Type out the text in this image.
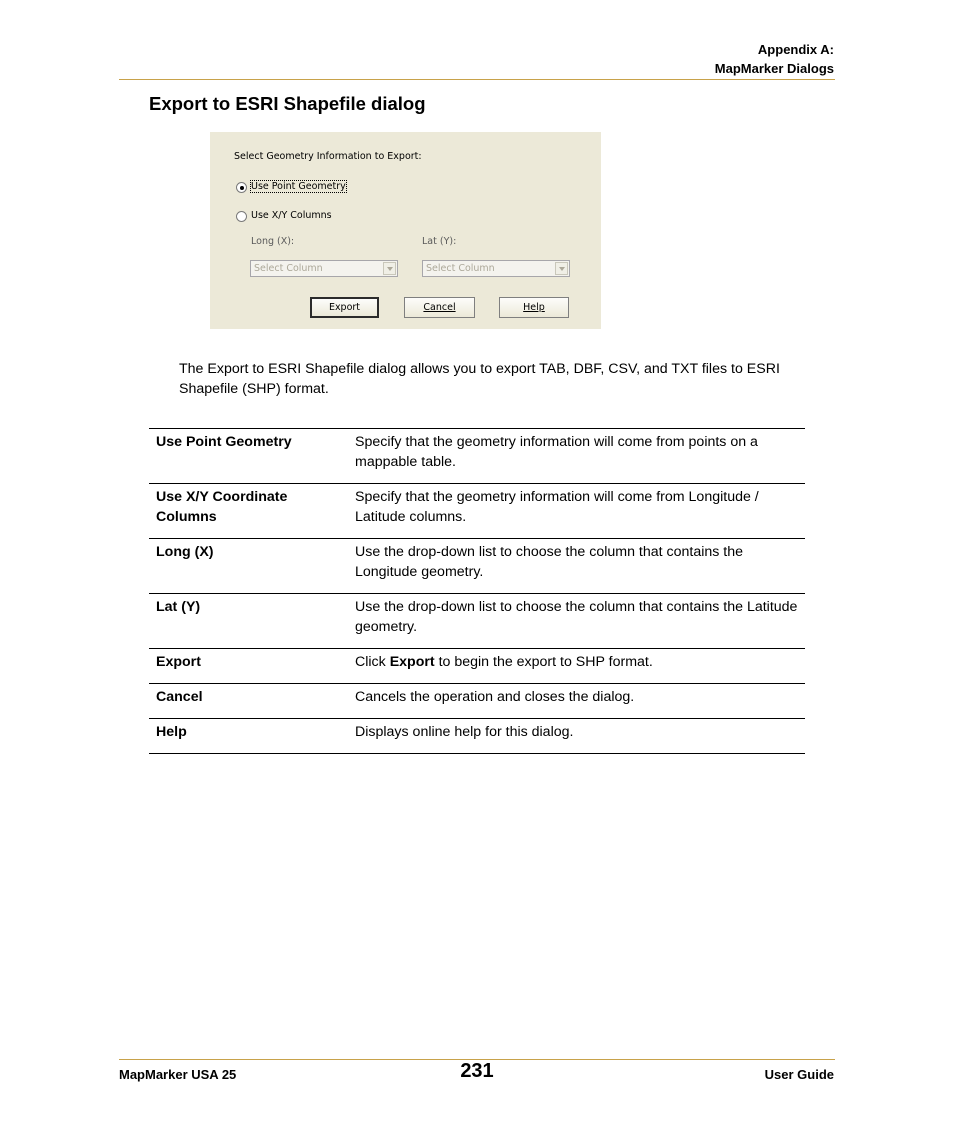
Appendix A:
MapMarker Dialogs
Export to ESRI Shapefile dialog
Select Geometry Information to Export:
Use Point Geometry
Use X/Y Columns
Long (X):	Lat (Y):
Select Column	Select Column
Export	Cancel	Help

The Export to ESRI Shapefile dialog allows you to export TAB, DBF, CSV, and TXT files to ESRI Shapefile (SHP) format.

Use Point Geometry	Specify that the geometry information will come from points on a mappable table.
Use X/Y Coordinate Columns	Specify that the geometry information will come from Longitude / Latitude columns.
Long (X)	Use the drop-down list to choose the column that contains the Longitude geometry.
Lat (Y)	Use the drop-down list to choose the column that contains the Latitude geometry.
Export	Click Export to begin the export to SHP format.
Cancel	Cancels the operation and closes the dialog.
Help	Displays online help for this dialog.
MapMarker USA 25	231	User Guide
